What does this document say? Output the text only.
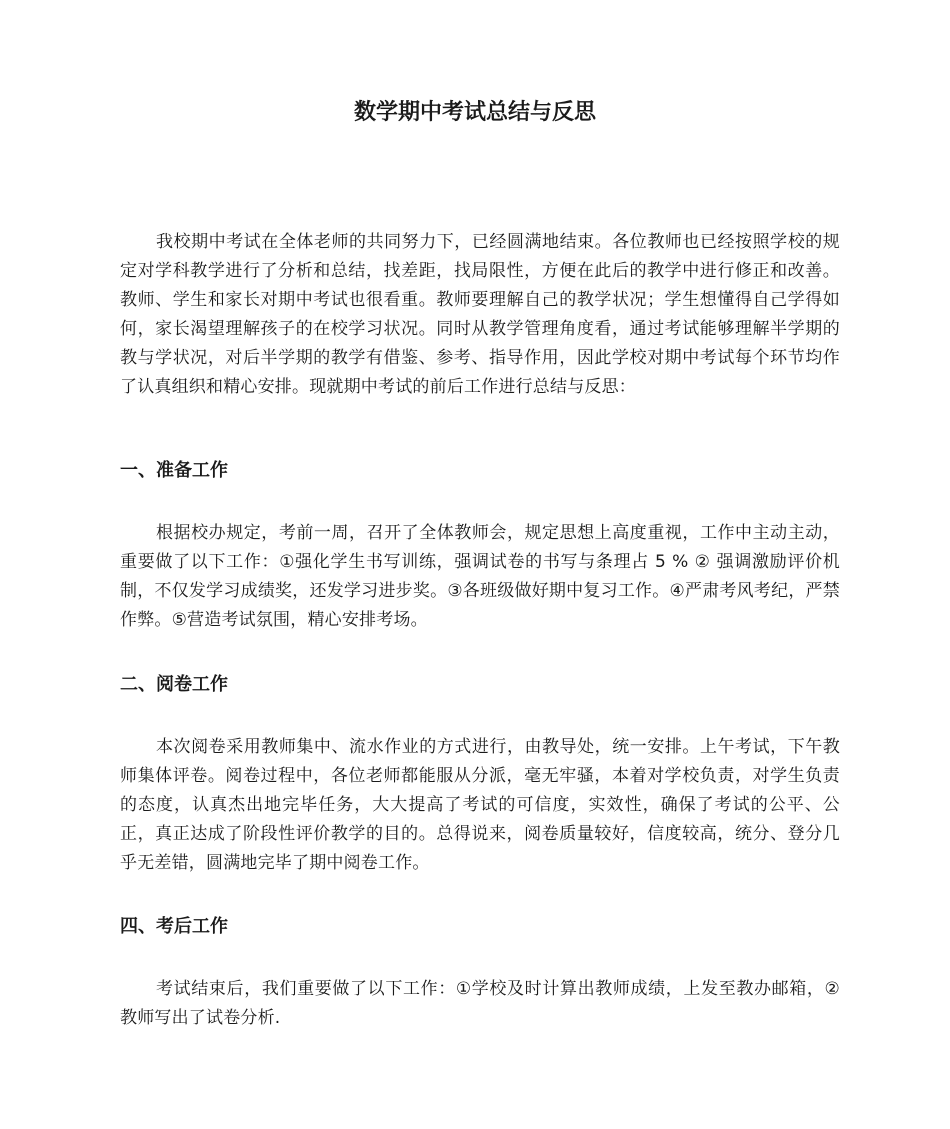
数学期中考试总结与反思

我校期中考试在全体老师的共同努力下，已经圆满地结束。各位教师也已经按照学校的规定对学科教学进行了分析和总结，找差距，找局限性，方便在此后的教学中进行修正和改善。教师、学生和家长对期中考试也很看重。教师要理解自己的教学状况；学生想懂得自己学得如何，家长渴望理解孩子的在校学习状况。同时从教学管理角度看，通过考试能够理解半学期的教与学状况，对后半学期的教学有借鉴、参考、指导作用，因此学校对期中考试每个环节均作了认真组织和精心安排。现就期中考试的前后工作进行总结与反思：

一、准备工作

根据校办规定，考前一周，召开了全体教师会，规定思想上高度重视，工作中主动主动，重要做了以下工作：①强化学生书写训练，强调试卷的书写与条理占 5 % ② 强调激励评价机制，不仅发学习成绩奖，还发学习进步奖。③各班级做好期中复习工作。④严肃考风考纪，严禁作弊。⑤营造考试氛围，精心安排考场。

二、阅卷工作

本次阅卷采用教师集中、流水作业的方式进行，由教导处，统一安排。上午考试，下午教师集体评卷。阅卷过程中，各位老师都能服从分派，毫无牢骚，本着对学校负责，对学生负责的态度，认真杰出地完毕任务，大大提高了考试的可信度，实效性，确保了考试的公平、公正，真正达成了阶段性评价教学的目的。总得说来，阅卷质量较好，信度较高，统分、登分几乎无差错，圆满地完毕了期中阅卷工作。

四、考后工作

考试结束后，我们重要做了以下工作：①学校及时计算出教师成绩，上发至教办邮箱，②教师写出了试卷分析.
